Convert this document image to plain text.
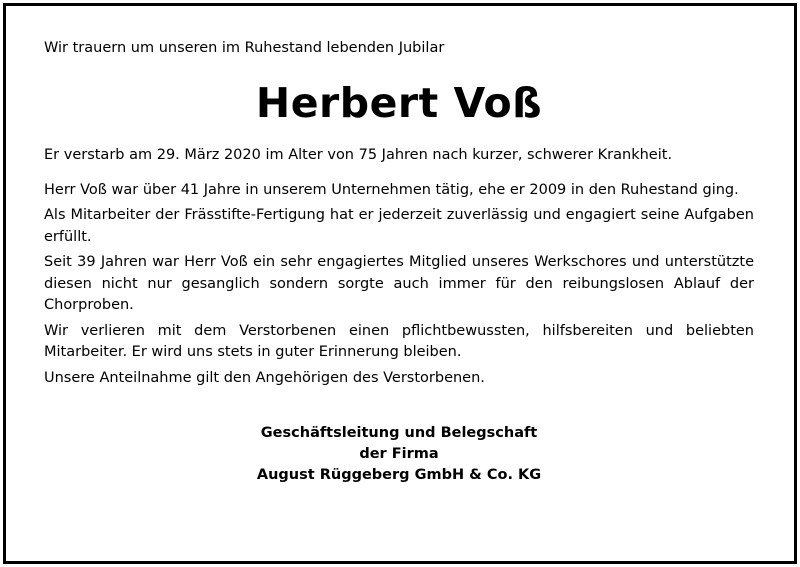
Wir trauern um unseren im Ruhestand lebenden Jubilar

Herbert Voß

Er verstarb am 29. März 2020 im Alter von 75 Jahren nach kurzer, schwerer Krankheit.

Herr Voß war über 41 Jahre in unserem Unternehmen tätig, ehe er 2009 in den Ruhestand ging.

Als Mitarbeiter der Frässtifte-Fertigung hat er jederzeit zuverlässig und engagiert seine Aufgaben erfüllt.

Seit 39 Jahren war Herr Voß ein sehr engagiertes Mitglied unseres Werkschores und unterstützte diesen nicht nur gesanglich sondern sorgte auch immer für den reibungslosen Ablauf der Chorproben.

Wir verlieren mit dem Verstorbenen einen pflichtbewussten, hilfsbereiten und beliebten Mitarbeiter. Er wird uns stets in guter Erinnerung bleiben.

Unsere Anteilnahme gilt den Angehörigen des Verstorbenen.

Geschäftsleitung und Belegschaft
der Firma
August Rüggeberg GmbH & Co. KG
